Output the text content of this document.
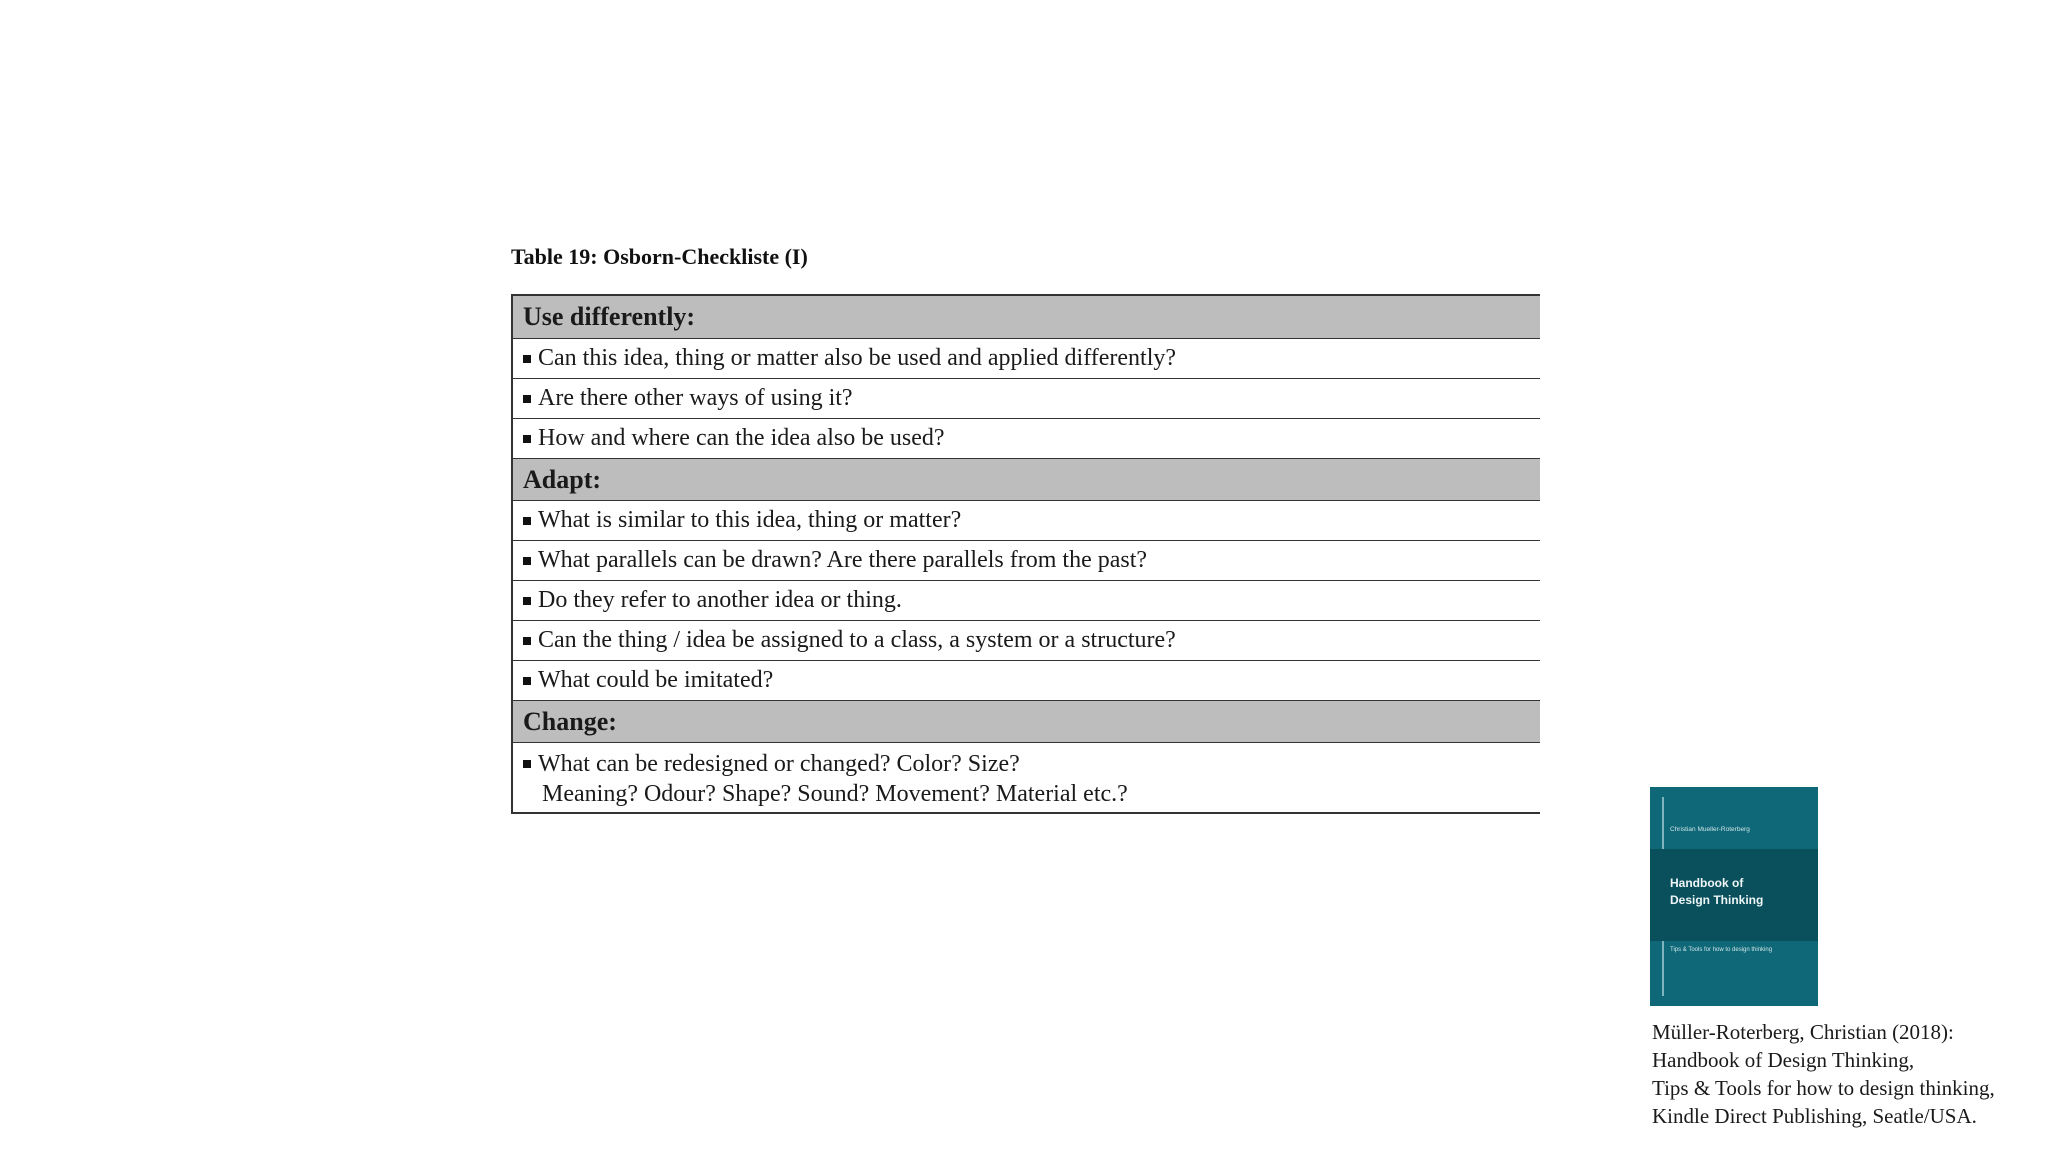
Table 19: Osborn-Checkliste (I)
Use differently:
Can this idea, thing or matter also be used and applied differently?
Are there other ways of using it?
How and where can the idea also be used?
Adapt:
What is similar to this idea, thing or matter?
What parallels can be drawn? Are there parallels from the past?
Do they refer to another idea or thing.
Can the thing / idea be assigned to a class, a system or a structure?
What could be imitated?
Change:
What can be redesigned or changed? Color? Size?
Meaning? Odour? Shape? Sound? Movement? Material etc.?
Christian Mueller-Roterberg
Handbook of
Design Thinking
Tips & Tools for how to design thinking
Müller-Roterberg, Christian (2018):
Handbook of Design Thinking,
Tips & Tools for how to design thinking,
Kindle Direct Publishing, Seatle/USA.
